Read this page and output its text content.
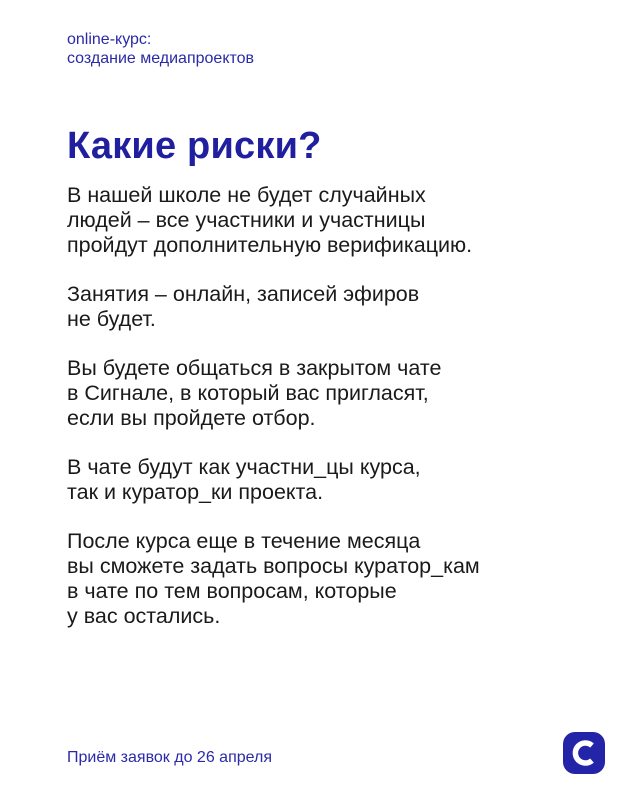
online-курс:
создание медиапроектов
Какие риски?

В нашей школе не будет случайных
людей – все участники и участницы
пройдут дополнительную верификацию.

Занятия – онлайн, записей эфиров
не будет.

Вы будете общаться в закрытом чате
в Сигнале, в который вас пригласят,
если вы пройдете отбор.

В чате будут как участни_цы курса,
так и куратор_ки проекта.

После курса еще в течение месяца
вы сможете задать вопросы куратор_кам
в чате по тем вопросам, которые
у вас остались.

Приём заявок до 26 апреля
